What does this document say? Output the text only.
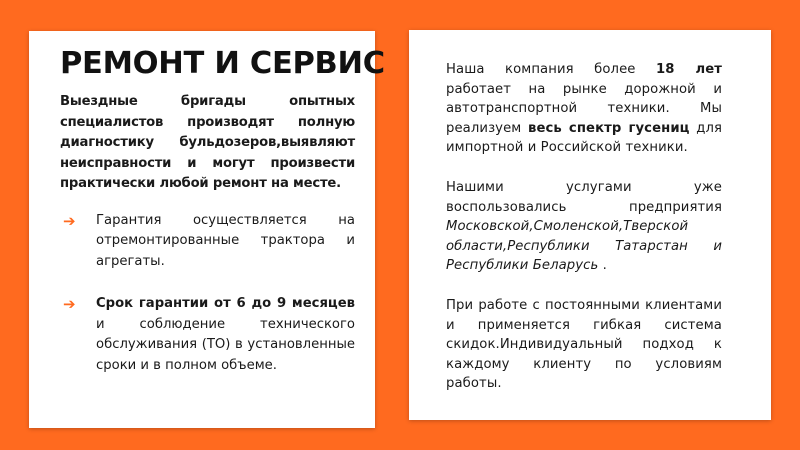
РЕМОНТ И СЕРВИС

Выездные бригады опытных специалистов производят полную диагностику бульдозеров,выявляют неисправности и могут произвести практически любой ремонт на месте.

➔ Гарантия осуществляется на отремонтированные трактора и агрегаты.
➔ Срок гарантии от 6 до 9 месяцев и соблюдение технического обслуживания (ТО) в установленные сроки и в полном объеме.

Наша компания более 18 лет работает на рынке дорожной и автотранспортной техники. Мы реализуем весь спектр гусениц для импортной и Российской техники.

Нашими услугами уже воспользовались предприятия Московской,Смоленской,Тверской области,Республики Татарстан и Республики Беларусь .

При работе с постоянными клиентами и применяется гибкая система скидок.Индивидуальный подход к каждому клиенту по условиям работы.
